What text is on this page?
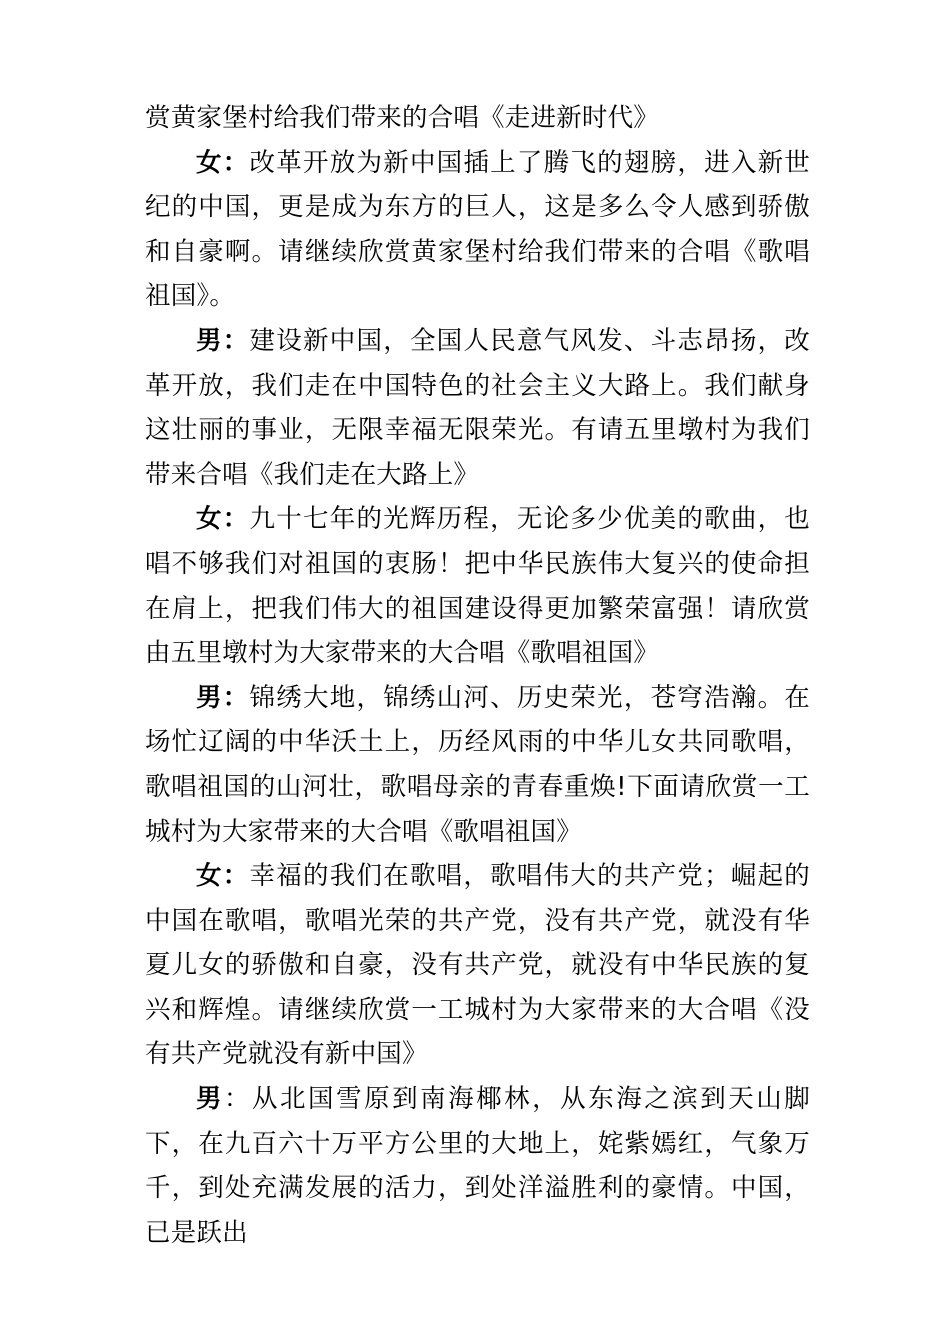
赏黄家堡村给我们带来的合唱《走进新时代》

女：改革开放为新中国插上了腾飞的翅膀，进入新世纪的中国，更是成为东方的巨人，这是多么令人感到骄傲和自豪啊。请继续欣赏黄家堡村给我们带来的合唱《歌唱祖国》。

男：建设新中国，全国人民意气风发、斗志昂扬，改革开放，我们走在中国特色的社会主义大路上。我们献身这壮丽的事业，无限幸福无限荣光。有请五里墩村为我们带来合唱《我们走在大路上》

女：九十七年的光辉历程，无论多少优美的歌曲，也唱不够我们对祖国的衷肠！把中华民族伟大复兴的使命担在肩上，把我们伟大的祖国建设得更加繁荣富强！请欣赏由五里墩村为大家带来的大合唱《歌唱祖国》

男：锦绣大地，锦绣山河、历史荣光，苍穹浩瀚。在场忙辽阔的中华沃土上，历经风雨的中华儿女共同歌唱，歌唱祖国的山河壮，歌唱母亲的青春重焕!下面请欣赏一工城村为大家带来的大合唱《歌唱祖国》

女：幸福的我们在歌唱，歌唱伟大的共产党；崛起的中国在歌唱，歌唱光荣的共产党，没有共产党，就没有华夏儿女的骄傲和自豪，没有共产党，就没有中华民族的复兴和辉煌。请继续欣赏一工城村为大家带来的大合唱《没有共产党就没有新中国》

男：从北国雪原到南海椰林，从东海之滨到天山脚下，在九百六十万平方公里的大地上，姹紫嫣红，气象万千，到处充满发展的活力，到处洋溢胜利的豪情。中国，已是跃出
